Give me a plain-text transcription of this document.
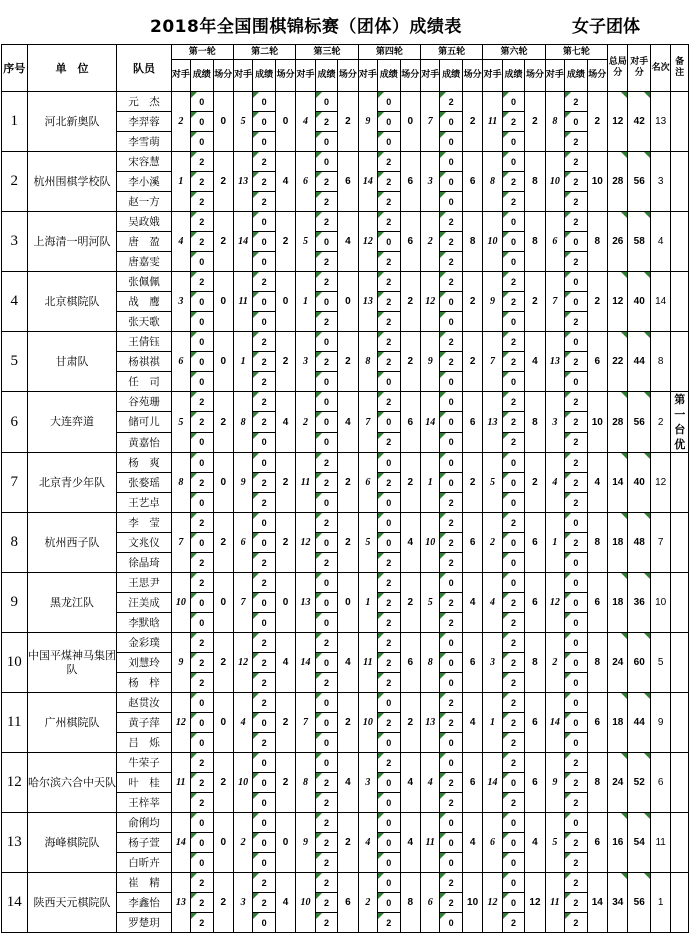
2018年全国围棋锦标赛（团体）成绩表	女子团体
序号	单　位	队员	第一轮			第二轮			第三轮			第四轮			第五轮			第六轮			第七轮			总局分	对手分	名次	备注
			对手	成绩	场分	对手	成绩	场分	对手	成绩	场分	对手	成绩	场分	对手	成绩	场分	对手	成绩	场分	对手	成绩	场分				
1	河北新奥队	元　杰	2	0	0	5	0	0	4	0	2	9	0	0	7	2	2	11	0	2	8	2	2	12	42	13	
		李羿蓉		0			0			2			0			0			2			0					
		李雪萌		0			0			0			0			0			0			2					
2	杭州围棋学校队	宋容慧	1	2	2	13	2	4	6	0	6	14	2	6	3	0	6	8	0	8	10	2	10	28	56	3	
		李小溪		2			2			2			2			0			2			2					
		赵一方		2			2			2			2			0			2			2					
3	上海清一明河队	吴政娥	4	2	2	14	0	2	5	2	4	12	2	6	2	2	8	10	0	8	6	2	8	26	58	4	
		唐　盈		2			0			0			0			2			0			0					
		唐嘉雯		0			0			2			2			2			0			2					
4	北京棋院队	张佩佩	3	2	0	11	2	0	1	2	0	13	2	2	12	2	2	9	2	2	7	0	2	12	40	14	
		战　鹰		0			0			0			2			0			2			0					
		张天歌		0			0			2			2			0			0			2					
5	甘肃队	王倩钰	6	0	0	1	2	2	3	0	2	8	2	2	9	2	2	7	2	4	13	0	6	22	44	8	
		杨祺祺		0			2			2			2			2			2			2					
		任　司		0			2			0			0			0			0			0					
6	大连弈道	谷苑珊	5	2	2	8	2	4	2	0	4	7	2	6	14	0	6	13	2	8	3	2	10	28	56	2	第一台优
		储可儿		2			2			0			0			0			2			2					
		黄嘉怡		0			0			0			2			0			2			2					
7	北京青少年队	杨　爽	8	0	0	9	0	2	11	2	2	6	0	2	1	0	2	5	0	2	4	2	4	14	40	12	
		张婺瑶		2			2			2			2			0			0			2					
		王艺卓		0			2			0			0			2			0			2					
8	杭州西子队	李　莹	7	2	2	6	0	2	12	2	2	5	0	4	10	2	6	2	2	6	1	0	8	18	48	7	
		文兆仪		0			0			0			0			2			0			2					
		徐晶琦		2			2			2			2			2			0			0					
9	黑龙江队	王思尹	10	2	0	7	2	0	13	0	0	1	2	2	5	0	4	4	0	6	12	0	6	18	36	10	
		汪美成		0			0			0			2			2			2			0					
		李默晗		0			0			0			2			2			2			0					
10	中国平煤神马集团队	金彩璞	9	2	2	12	2	4	14	2	4	11	2	6	8	0	6	3	2	8	2	0	8	24	60	5	
		刘慧玲		2			2			0			2			0			2			0					
		杨　梓		2			2			2			2			0			2			0					
11	广州棋院队	赵贯汝	12	0	0	4	2	2	7	0	2	10	0	2	13	2	4	1	2	6	14	0	6	18	44	9	
		黄子萍		0			0			0			2			2			2			0					
		吕　烁		0			2			0			0			0			2			0					
12	哈尔滨六合中天队	牛荣子	11	2	2	10	0	2	8	0	4	3	2	4	4	0	6	14	2	6	9	2	8	24	52	6	
		叶　桂		2			0			2			0			2			0			2					
		王梓莘		2			0			2			0			2			2			2					
13	海峰棋院队	俞俐均	14	0	0	2	0	0	9	2	2	4	0	4	11	0	4	6	0	4	5	0	6	16	54	11	
		杨子萱		0			0			2			0			0			0			2					
		白昕卉		0			0			2			0			0			0			2					
14	陕西天元棋院队	崔　精	13	2	2	3	2	4	10	2	6	2	0	8	6	2	10	12	0	12	11	2	14	34	56	1	
		李鑫怡		2			2			2			0			2			0			2					
		罗楚玥		2			0			2			2			0			2			2					
